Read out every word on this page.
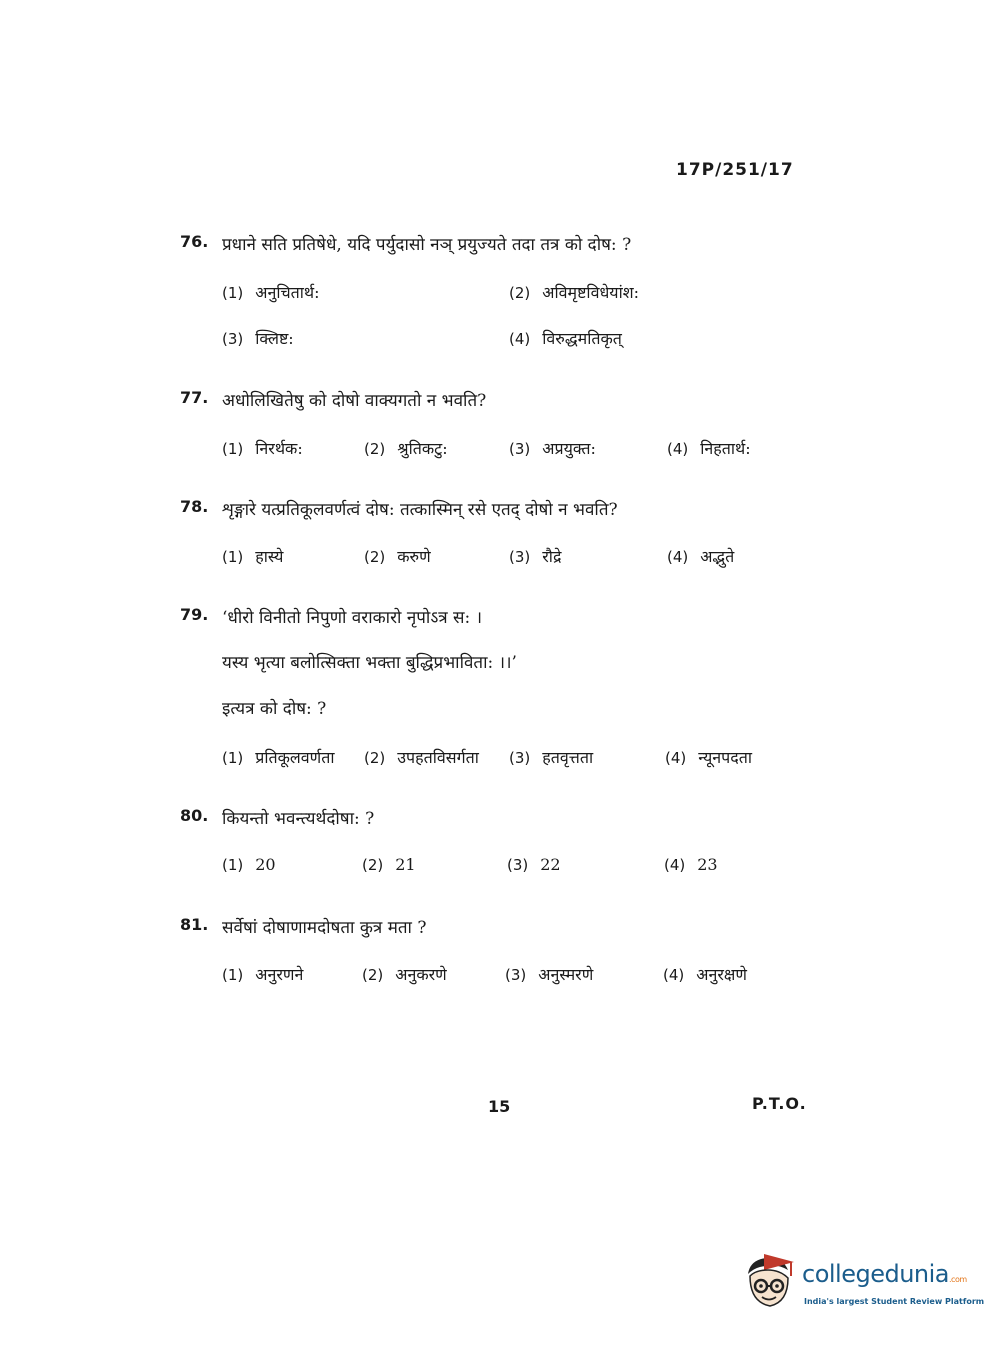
17P/251/17
76. प्रधाने सति प्रतिषेधे, यदि पर्युदासो नञ् प्रयुज्यते तदा तत्र को दोष: ?
(1) अनुचितार्थ:	(2) अविमृष्टविधेयांश:
(3) क्लिष्ट:	(4) विरुद्धमतिकृत्
77. अधोलिखितेषु को दोषो वाक्यगतो न भवति?
(1) निरर्थक:	(2) श्रुतिकटु:	(3) अप्रयुक्त:	(4) निहतार्थ:
78. शृङ्गारे यत्प्रतिकूलवर्णत्वं दोष: तत्कास्मिन् रसे एतद् दोषो न भवति?
(1) हास्ये	(2) करुणे	(3) रौद्रे	(4) अद्भुते
79. ‘धीरो विनीतो निपुणो वराकारो नृपोऽत्र स: ।
यस्य भृत्या बलोत्सिक्ता भक्ता बुद्धिप्रभाविता: ।।’
इत्यत्र को दोष: ?
(1) प्रतिकूलवर्णता (2) उपहतविसर्गता (3) हतवृत्तता	(4) न्यूनपदता
80. कियन्तो भवन्त्यर्थदोषा: ?
(1) 20	(2) 21	(3) 22	(4) 23
81. सर्वेषां दोषाणामदोषता कुत्र मता ?
(1) अनुरणने	(2) अनुकरणे	(3) अनुस्मरणे	(4) अनुरक्षणे
15	P.T.O.
collegedunia.com
India's largest Student Review Platform
